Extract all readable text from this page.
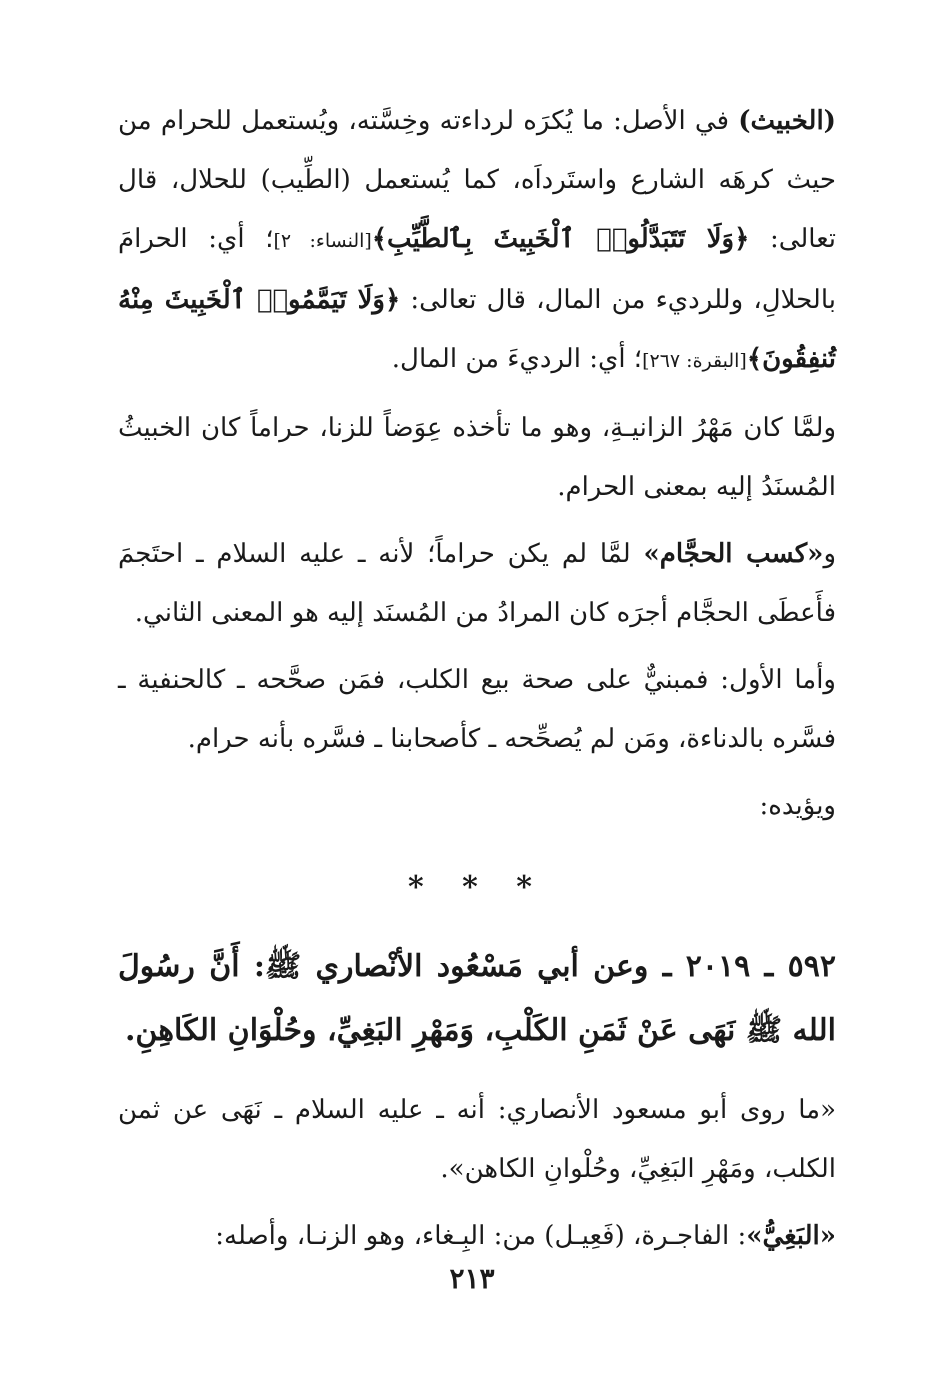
(الخبيث) في الأصل: ما يُكرَه لرداءته وخِسَّته، ويُستعمل للحرام من حيث كرهَه الشارع واستَرداَه، كما يُستعمل (الطِّيب) للحلال، قال تعالى: ﴿وَلَا تَتَبَدَّلُوا۟ ٱلْخَبِيثَ بِٱلطَّيِّبِ﴾[النساء: ٢]؛ أي: الحرامَ بالحلالِ، وللرديء من المال، قال تعالى: ﴿وَلَا تَيَمَّمُوا۟ ٱلْخَبِيثَ مِنْهُ تُنفِقُونَ﴾[البقرة: ٢٦٧]؛ أي: الرديءَ من المال.

ولمَّا كان مَهْرُ الزانيـةِ، وهو ما تأخذه عِوَضاً للزنا، حراماً كان الخبيثُ المُسنَدُ إليه بمعنى الحرام.

و«كسب الحجَّام» لمَّا لم يكن حراماً؛ لأنه ـ عليه السلام ـ احتَجمَ فأَعطَى الحجَّام أجرَه كان المرادُ من المُسنَد إليه هو المعنى الثاني.

وأما الأول: فمبنيٌّ على صحة بيع الكلب، فمَن صحَّحه ـ كالحنفية ـ فسَّره بالدناءة، ومَن لم يُصحِّحه ـ كأصحابنا ـ فسَّره بأنه حرام.

ويؤيده:

* * *

٥٩٢ ـ ٢٠١٩ ـ وعن أبي مَسْعُود الأنْصاري ﷺ: أَنَّ رسُولَ الله ﷺ نَهَى عَنْ ثَمَنِ الكَلْبِ، وَمَهْرِ البَغِيِّ، وحُلْوَانِ الكَاهِنِ.

«ما روى أبو مسعود الأنصاري: أنه ـ عليه السلام ـ نَهَى عن ثمن الكلب، ومَهْرِ البَغِيِّ، وحُلْوانِ الكاهن».

«البَغِيُّ»: الفاجـرة، (فَعِيـل) من: البِـغاء، وهو الزنـا، وأصله:

٢١٣
